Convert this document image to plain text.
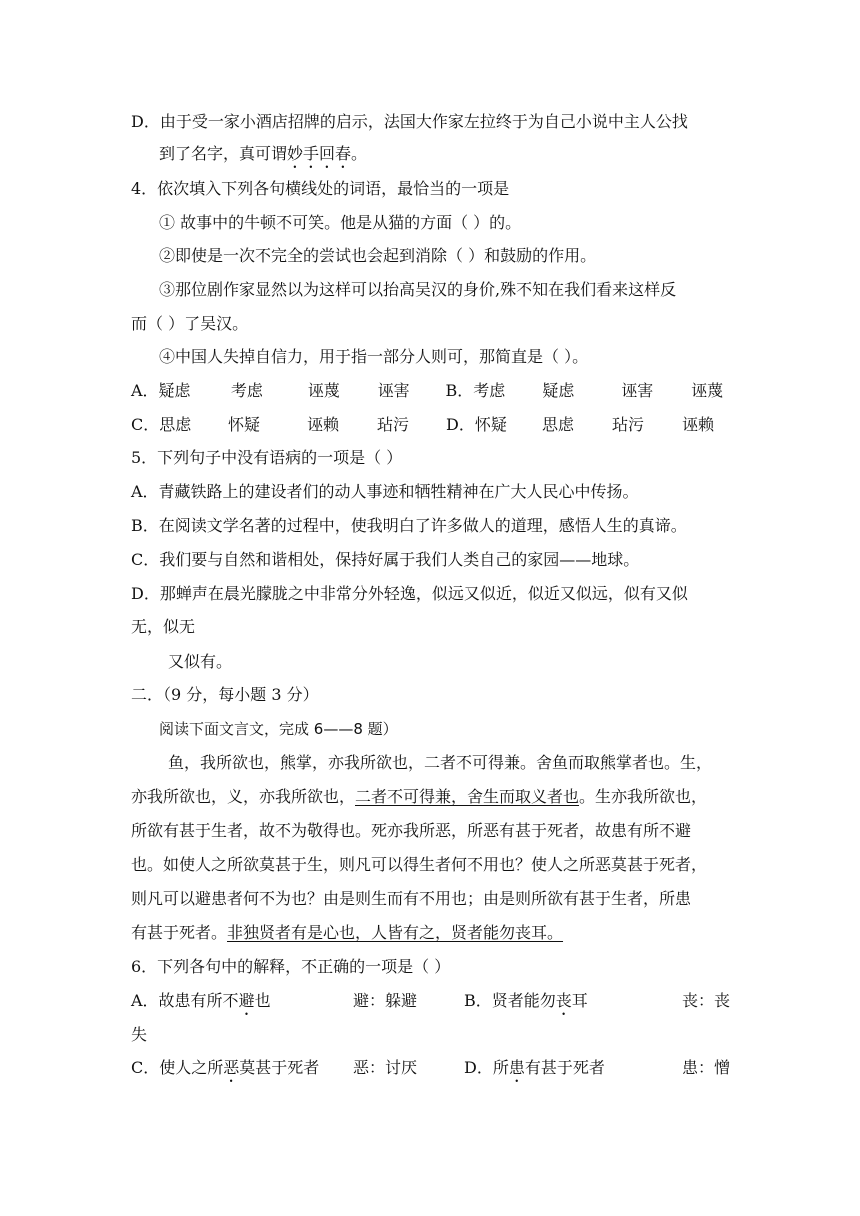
D．由于受一家小酒店招牌的启示，法国大作家左拉终于为自己小说中主人公找
到了名字，真可谓妙手回春。
4．依次填入下列各句横线处的词语，最恰当的一项是
① 故事中的牛顿不可笑。他是从猫的方面（ ）的。
②即使是一次不完全的尝试也会起到消除（ ）和鼓励的作用。
③那位剧作家显然以为这样可以抬高吴汉的身价,殊不知在我们看来这样反
而（ ）了吴汉。
④中国人失掉自信力，用于指一部分人则可，那简直是（ ）。
A．疑虑	考虑	诬蔑	诬害	B．考虑	疑虑	诬害	诬蔑
C．思虑	怀疑	诬赖	玷污	D．怀疑	思虑	玷污	诬赖
5．下列句子中没有语病的一项是（ ）
A．青藏铁路上的建设者们的动人事迹和牺牲精神在广大人民心中传扬。
B．在阅读文学名著的过程中，使我明白了许多做人的道理，感悟人生的真谛。
C．我们要与自然和谐相处，保持好属于我们人类自己的家园——地球。
D．那蝉声在晨光朦胧之中非常分外轻逸，似远又似近，似近又似远，似有又似
无，似无
又似有。
二．（9 分，每小题 3 分）
阅读下面文言文，完成 6——8 题）
鱼，我所欲也，熊掌，亦我所欲也，二者不可得兼。舍鱼而取熊掌者也。生，
亦我所欲也，义，亦我所欲也，二者不可得兼，舍生而取义者也。生亦我所欲也，
所欲有甚于生者，故不为敬得也。死亦我所恶，所恶有甚于死者，故患有所不避
也。如使人之所欲莫甚于生，则凡可以得生者何不用也？使人之所恶莫甚于死者，
则凡可以避患者何不为也？由是则生而有不用也；由是则所欲有甚于生者，所患
有甚于死者。非独贤者有是心也，人皆有之，贤者能勿丧耳。
6．下列各句中的解释，不正确的一项是（ ）
A．故患有所不避也	避：躲避	B．贤者能勿丧耳	丧：丧
失
C．使人之所恶莫甚于死者 恶：讨厌	D．所患有甚于死者	患：憎
